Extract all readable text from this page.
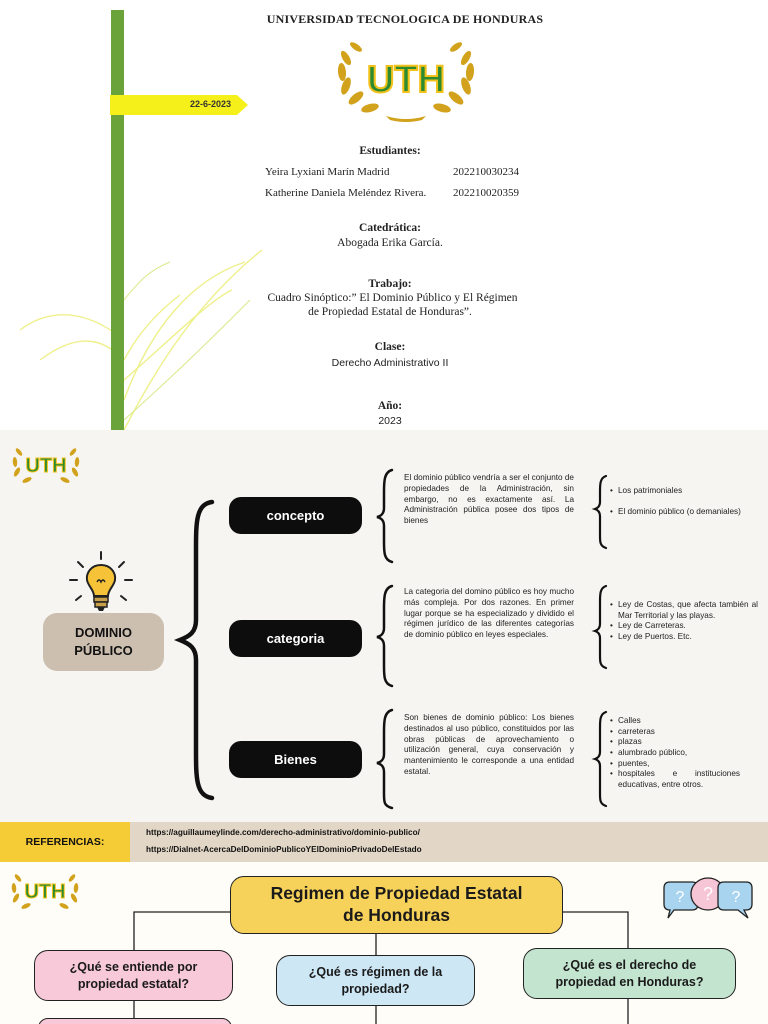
22-6-2023
UNIVERSIDAD TECNOLOGICA DE HONDURAS
UTH
Estudiantes:
Yeira Lyxiani Marín Madrid	202210030234
Katherine Daniela Meléndez Rivera. 202210020359
Catedrática:
Abogada Erika García.
Trabajo:
Cuadro Sinóptico:” El Dominio Público y El Régimen
de Propiedad Estatal de Honduras”.
Clase:
Derecho Administrativo II
Año:
2023
UTH
DOMINIO
PÚBLICO
concepto
categoria
Bienes
El dominio público vendría a ser el conjunto de propiedades de la Administración, sin embargo, no es exactamente así. La Administración pública posee dos tipos de bienes
La categoria del domino público es hoy mucho más compleja. Por dos razones. En primer lugar porque se ha especializado y dividido el régimen jurídico de las diferentes categorías de dominio público en leyes especiales.
Son bienes de dominio público: Los bienes destinados al uso público, constituidos por las obras públicas de aprovechamiento o utilización general, cuya conservación y mantenimiento le corresponde a una entidad estatal.
• Los patrimoniales
• El dominio público (o demaniales)
• Ley de Costas, que afecta también al Mar Territorial y las playas.
• Ley de Carreteras.
• Ley de Puertos. Etc.
• Calles
• carreteras
• plazas
• alumbrado público,
• puentes,
• hospitales e instituciones educativas, entre otros.
REFERENCIAS:
https://aguillaumeylinde.com/derecho-administrativo/dominio-publico/
https://Dialnet-AcercaDelDominioPublicoYElDominioPrivadoDelEstado
UTH	Regimen de Propiedad Estatal
de Honduras
? ? ?
¿Qué se entiende por
propiedad estatal?
¿Qué es régimen de la
propiedad?
¿Qué es el derecho de
propiedad en Honduras?
